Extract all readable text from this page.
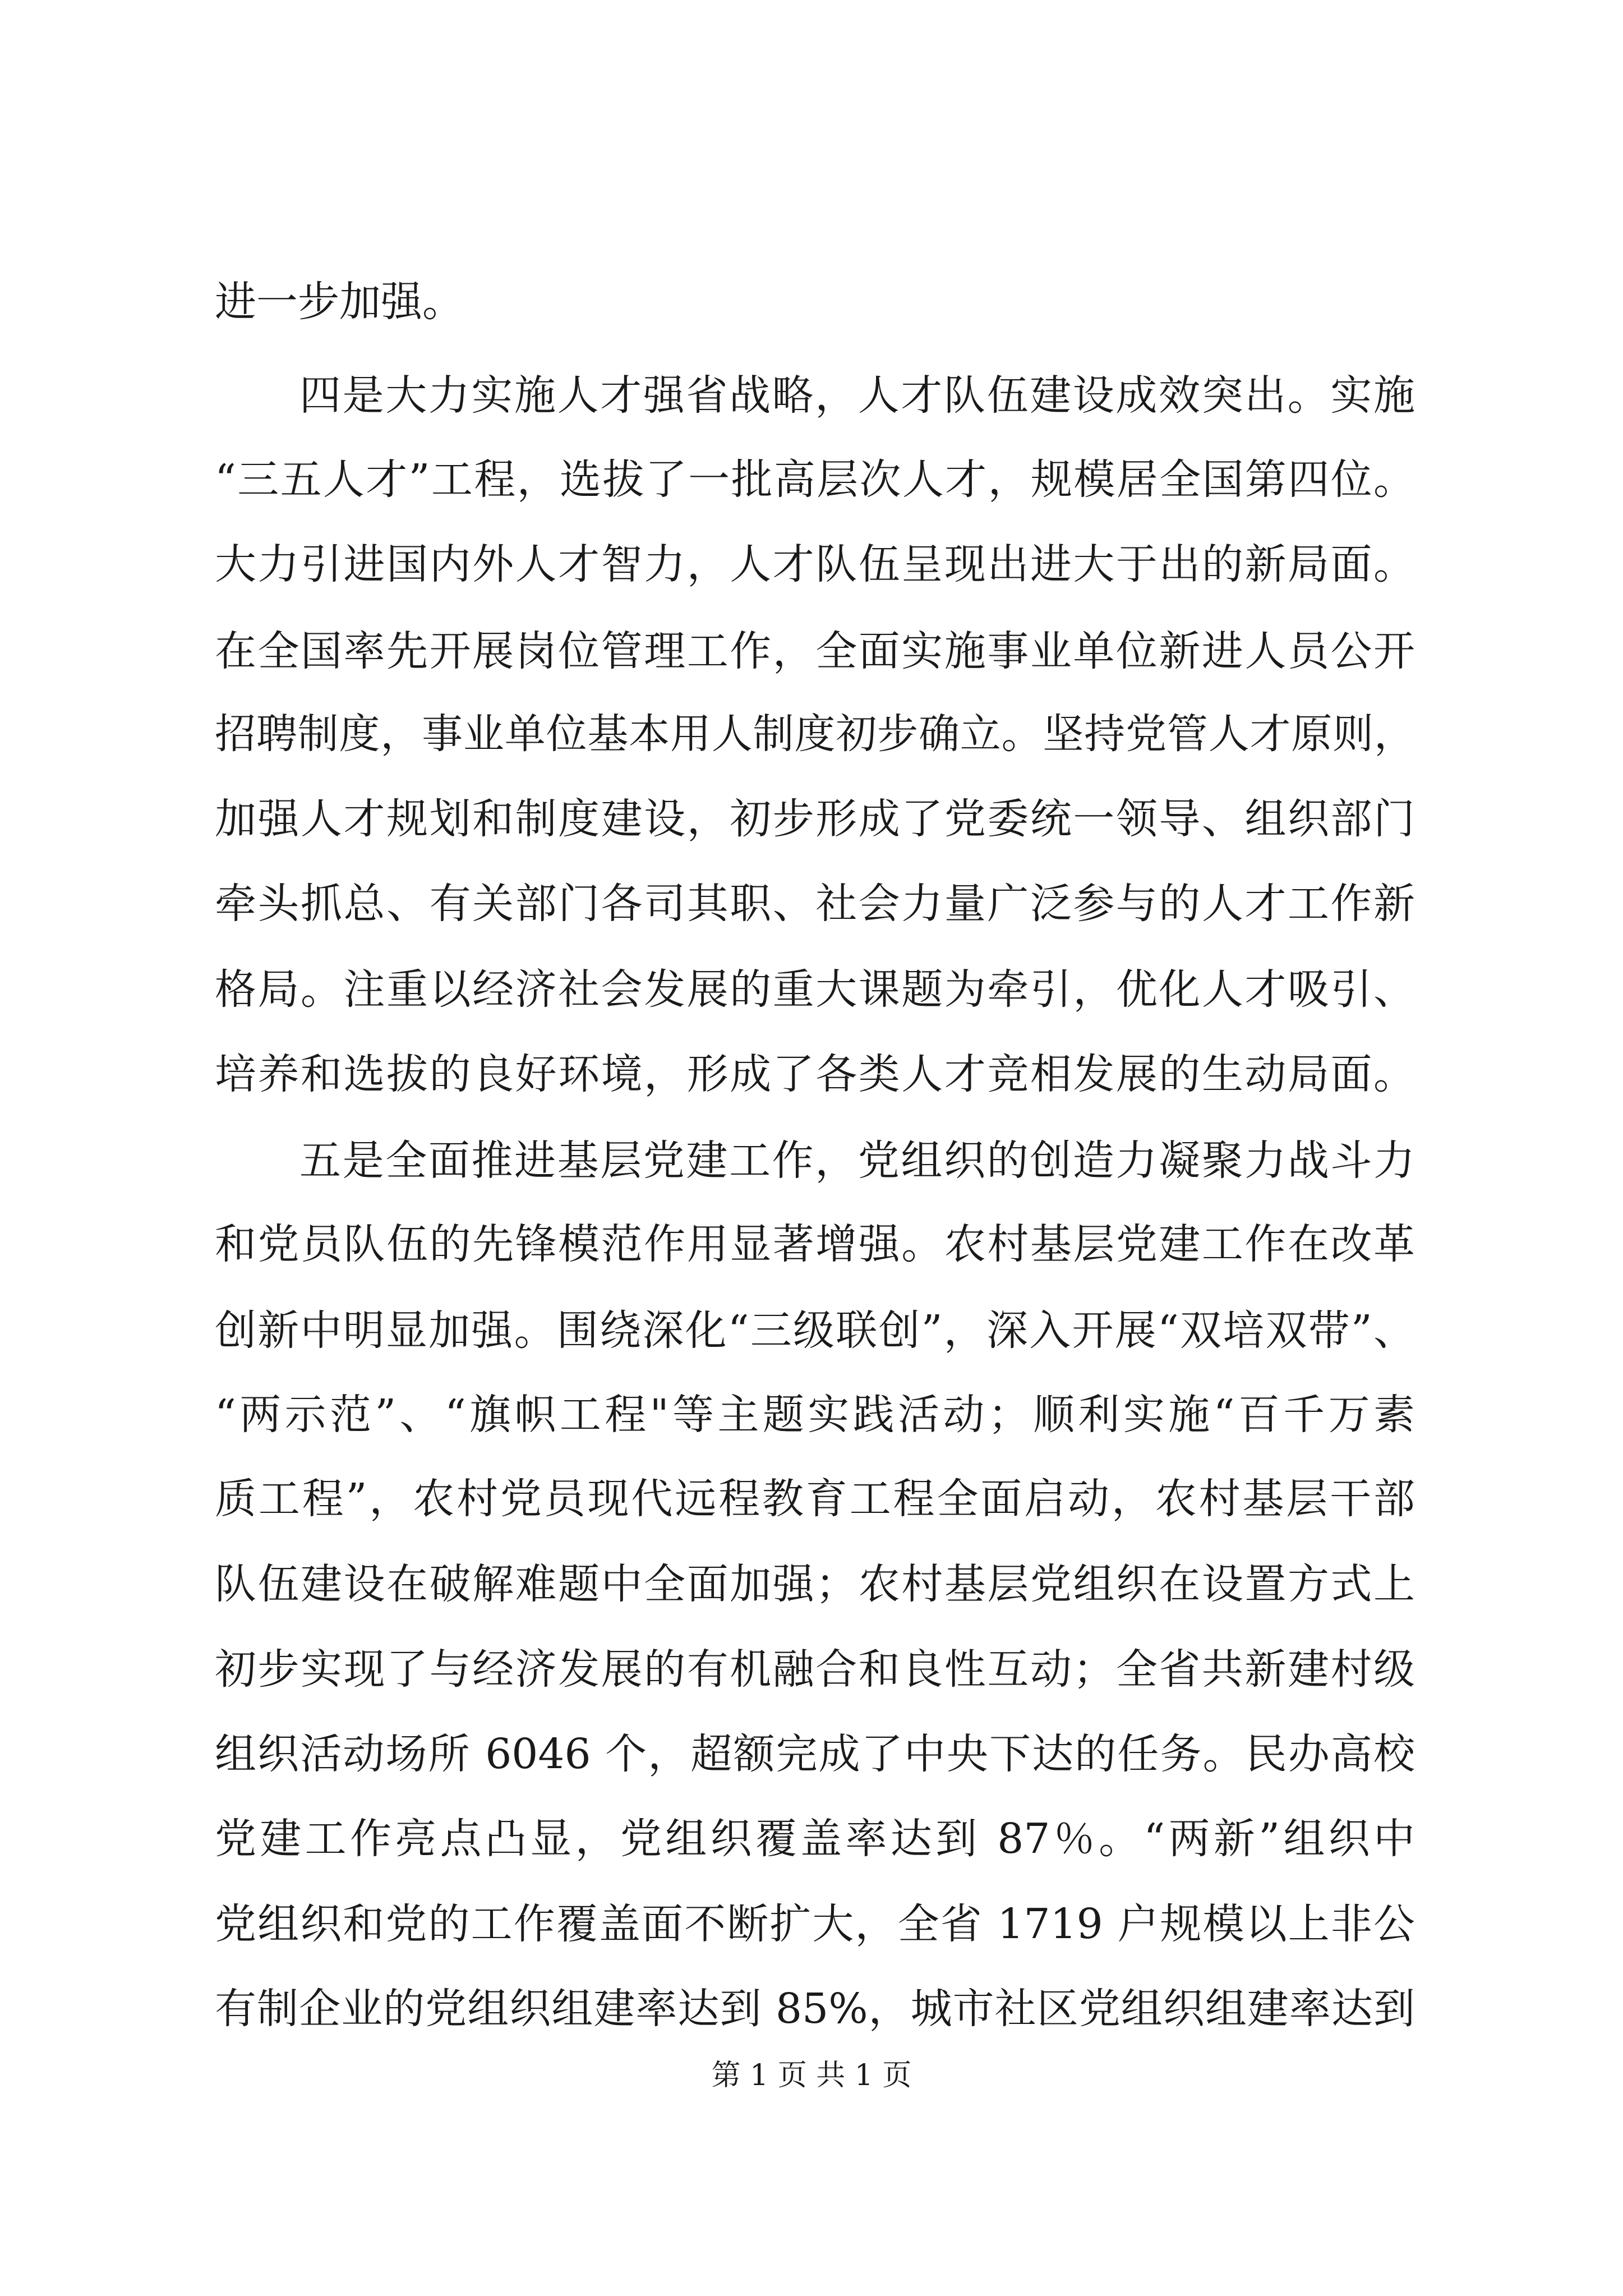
进一步加强。
四是大力实施人才强省战略，人才队伍建设成效突出。实施
“三五人才”工程，选拔了一批高层次人才，规模居全国第四位。
大力引进国内外人才智力，人才队伍呈现出进大于出的新局面。
在全国率先开展岗位管理工作，全面实施事业单位新进人员公开
招聘制度，事业单位基本用人制度初步确立。坚持党管人才原则，
加强人才规划和制度建设，初步形成了党委统一领导、组织部门
牵头抓总、有关部门各司其职、社会力量广泛参与的人才工作新
格局。注重以经济社会发展的重大课题为牵引，优化人才吸引、
培养和选拔的良好环境，形成了各类人才竞相发展的生动局面。
五是全面推进基层党建工作，党组织的创造力凝聚力战斗力
和党员队伍的先锋模范作用显著增强。农村基层党建工作在改革
创新中明显加强。围绕深化“三级联创”，深入开展“双培双带”、
“两示范”、“旗帜工程"等主题实践活动；顺利实施“百千万素
质工程”，农村党员现代远程教育工程全面启动，农村基层干部
队伍建设在破解难题中全面加强；农村基层党组织在设置方式上
初步实现了与经济发展的有机融合和良性互动；全省共新建村级
组织活动场所 6046 个，超额完成了中央下达的任务。民办高校
党建工作亮点凸显，党组织覆盖率达到 87％。“两新”组织中
党组织和党的工作覆盖面不断扩大，全省 1719 户规模以上非公
有制企业的党组织组建率达到 85%，城市社区党组织组建率达到
第 1 页 共 1 页
